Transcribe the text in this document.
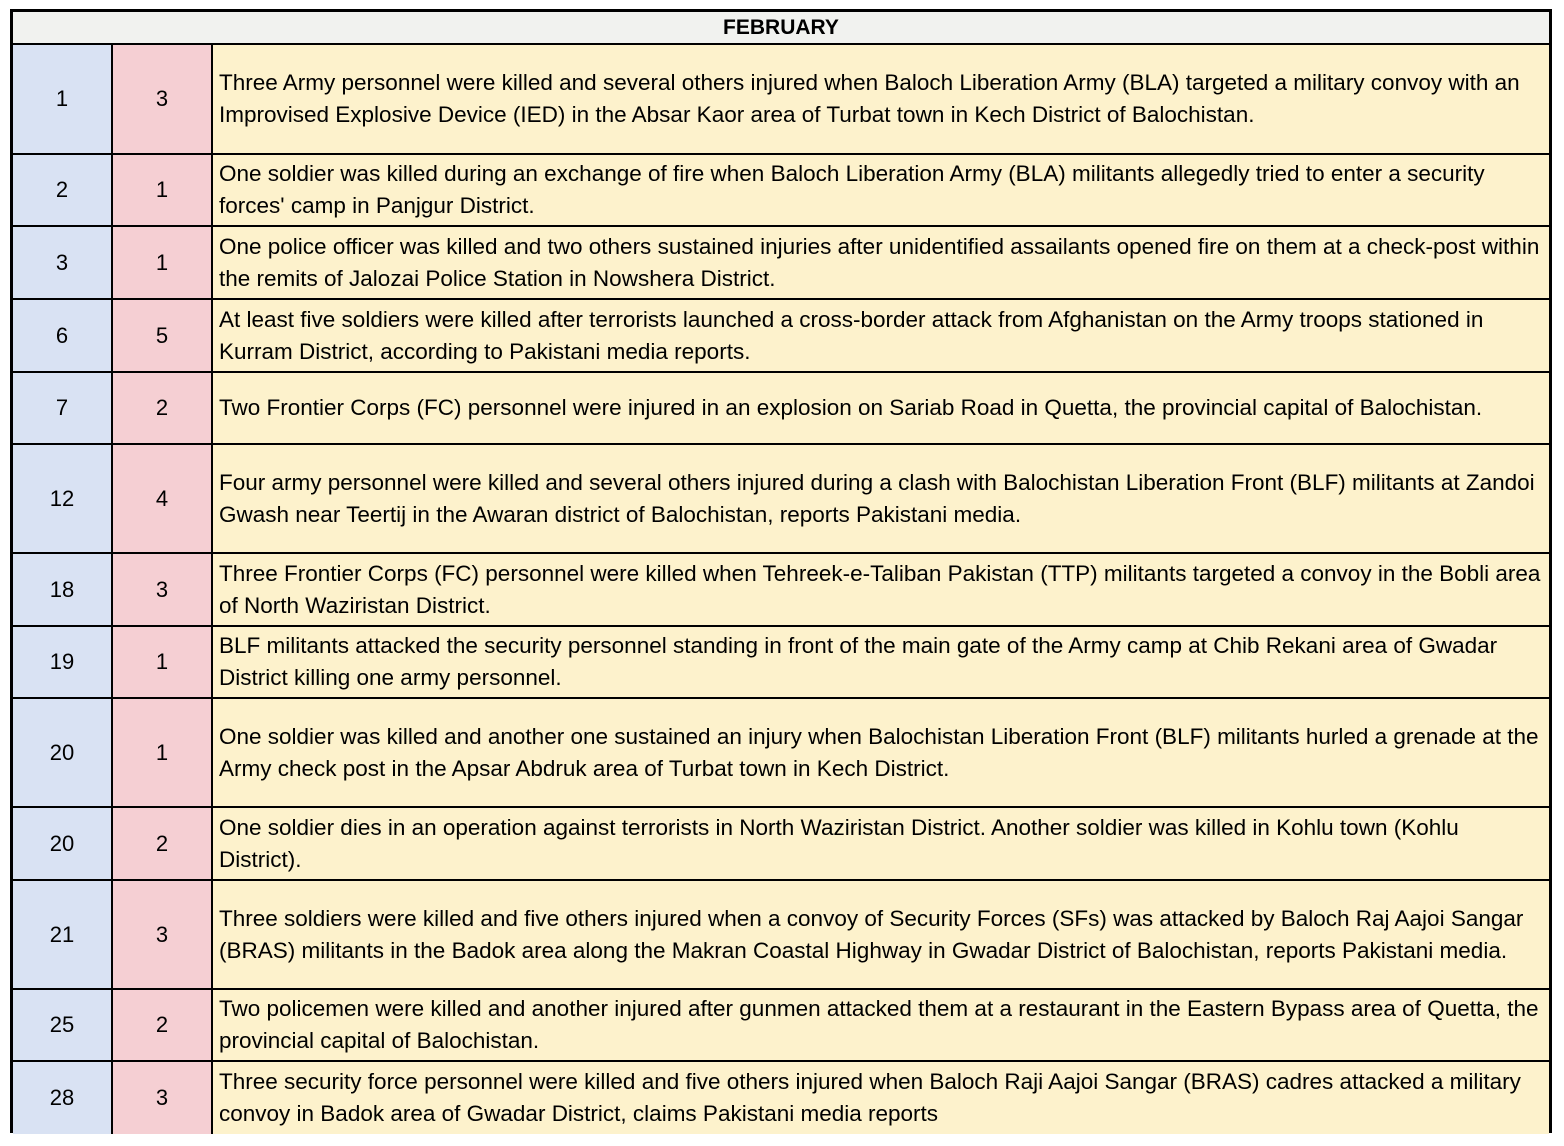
FEBRUARY
1	3
Three Army personnel were killed and several others injured when Baloch Liberation Army (BLA) targeted a military convoy with an Improvised Explosive Device (IED) in the Absar Kaor area of Turbat town in Kech District of Balochistan.
2	1
One soldier was killed during an exchange of fire when Baloch Liberation Army (BLA) militants allegedly tried to enter a security forces' camp in Panjgur District.
3	1
One police officer was killed and two others sustained injuries after unidentified assailants opened fire on them at a check-post within the remits of Jalozai Police Station in Nowshera District.
6	5
At least five soldiers were killed after terrorists launched a cross-border attack from Afghanistan on the Army troops stationed in Kurram District, according to Pakistani media reports.
7	2	Two Frontier Corps (FC) personnel were injured in an explosion on Sariab Road in Quetta, the provincial capital of Balochistan.
12	4
Four army personnel were killed and several others injured during a clash with Balochistan Liberation Front (BLF) militants at Zandoi Gwash near Teertij in the Awaran district of Balochistan, reports Pakistani media.
18	3
Three Frontier Corps (FC) personnel were killed when Tehreek-e-Taliban Pakistan (TTP) militants targeted a convoy in the Bobli area of North Waziristan District.
19	1
BLF militants attacked the security personnel standing in front of the main gate of the Army camp at Chib Rekani area of Gwadar District killing one army personnel.
20	1
One soldier was killed and another one sustained an injury when Balochistan Liberation Front (BLF) militants hurled a grenade at the Army check post in the Apsar Abdruk area of Turbat town in Kech District.
20	2
One soldier dies in an operation against terrorists in North Waziristan District. Another soldier was killed in Kohlu town (Kohlu District).
21	3
Three soldiers were killed and five others injured when a convoy of Security Forces (SFs) was attacked by Baloch Raj Aajoi Sangar (BRAS) militants in the Badok area along the Makran Coastal Highway in Gwadar District of Balochistan, reports Pakistani media.
25	2
Two policemen were killed and another injured after gunmen attacked them at a restaurant in the Eastern Bypass area of Quetta, the provincial capital of Balochistan.
28	3
Three security force personnel were killed and five others injured when Baloch Raji Aajoi Sangar (BRAS) cadres attacked a military convoy in Badok area of Gwadar District, claims Pakistani media reports
